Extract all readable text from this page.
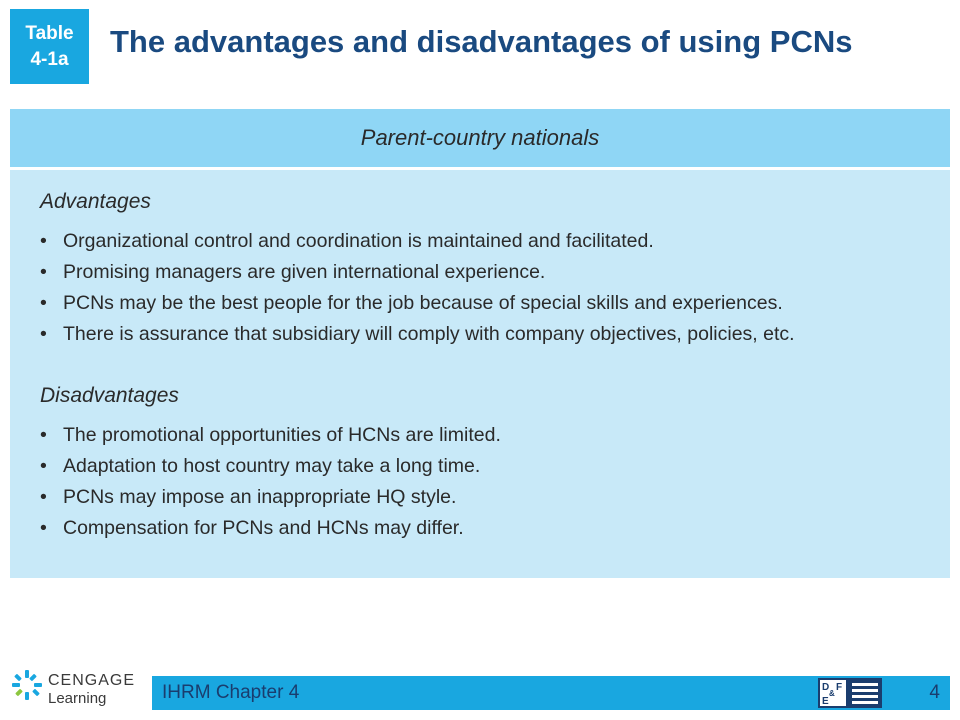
Table
4-1a	The advantages and disadvantages of using PCNs
Parent-country nationals
Advantages
• Organizational control and coordination is maintained and facilitated.
• Promising managers are given international experience.
• PCNs may be the best people for the job because of special skills and experiences.
• There is assurance that subsidiary will comply with company objectives, policies, etc.
Disadvantages
• The promotional opportunities of HCNs are limited.
• Adaptation to host country may take a long time.
• PCNs may impose an inappropriate HQ style.
• Compensation for PCNs and HCNs may differ.
CENGAGE
Learning	IHRM Chapter 4	D
&
F
E	4
